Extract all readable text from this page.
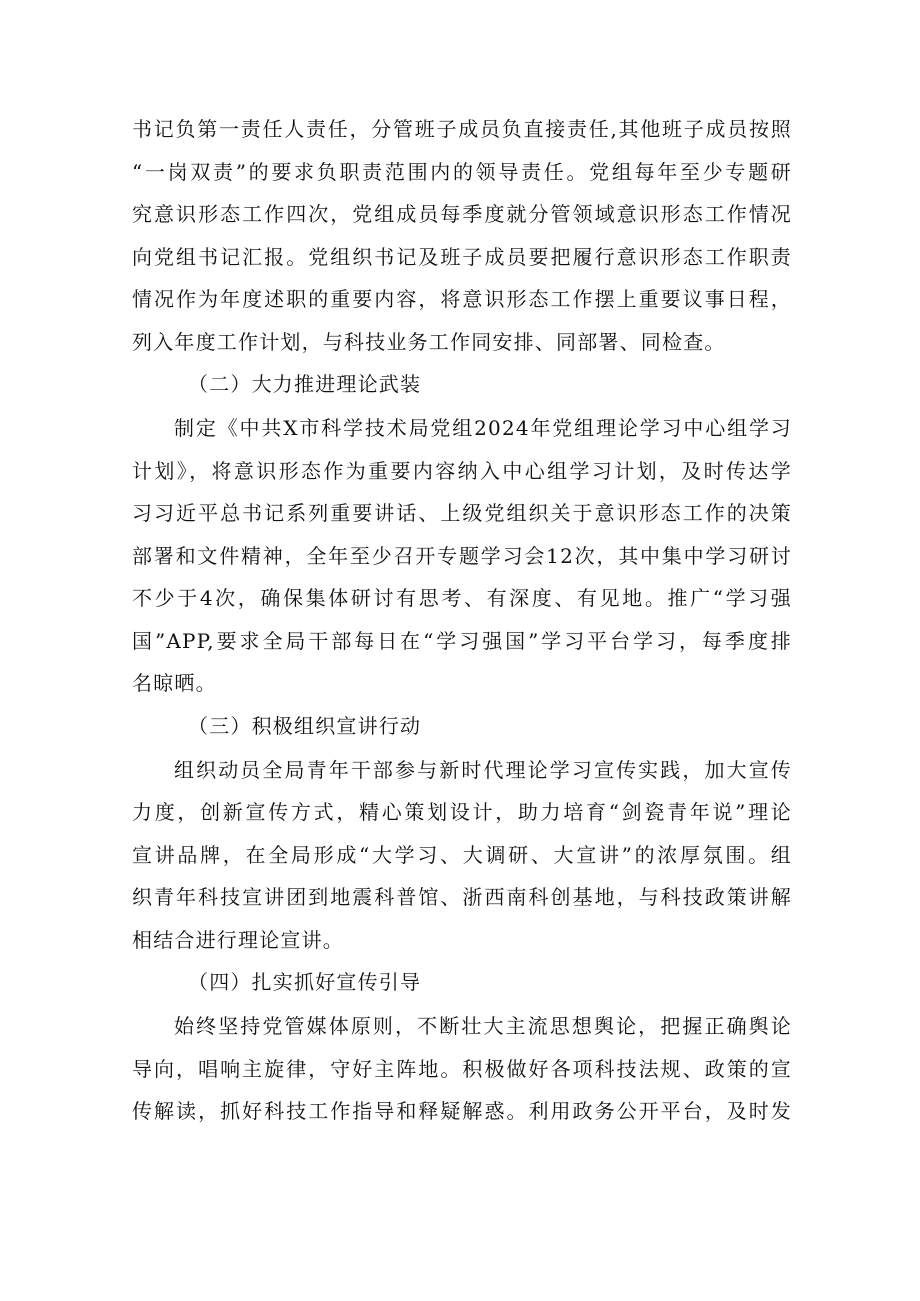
书记负第一责任人责任，分管班子成员负直接责任,其他班子成员按照
“一岗双责”的要求负职责范围内的领导责任。党组每年至少专题研
究意识形态工作四次，党组成员每季度就分管领域意识形态工作情况
向党组书记汇报。党组织书记及班子成员要把履行意识形态工作职责
情况作为年度述职的重要内容，将意识形态工作摆上重要议事日程，
列入年度工作计划，与科技业务工作同安排、同部署、同检查。
（二）大力推进理论武装
制定《中共X市科学技术局党组2024年党组理论学习中心组学习
计划》，将意识形态作为重要内容纳入中心组学习计划，及时传达学
习习近平总书记系列重要讲话、上级党组织关于意识形态工作的决策
部署和文件精神，全年至少召开专题学习会12次，其中集中学习研讨
不少于4次，确保集体研讨有思考、有深度、有见地。推广“学习强
国”APP,要求全局干部每日在“学习强国”学习平台学习，每季度排
名晾晒。
（三）积极组织宣讲行动
组织动员全局青年干部参与新时代理论学习宣传实践，加大宣传
力度，创新宣传方式，精心策划设计，助力培育“剑瓷青年说”理论
宣讲品牌，在全局形成“大学习、大调研、大宣讲”的浓厚氛围。组
织青年科技宣讲团到地震科普馆、浙西南科创基地，与科技政策讲解
相结合进行理论宣讲。
（四）扎实抓好宣传引导
始终坚持党管媒体原则，不断壮大主流思想舆论，把握正确舆论
导向，唱响主旋律，守好主阵地。积极做好各项科技法规、政策的宣
传解读，抓好科技工作指导和释疑解惑。利用政务公开平台，及时发
